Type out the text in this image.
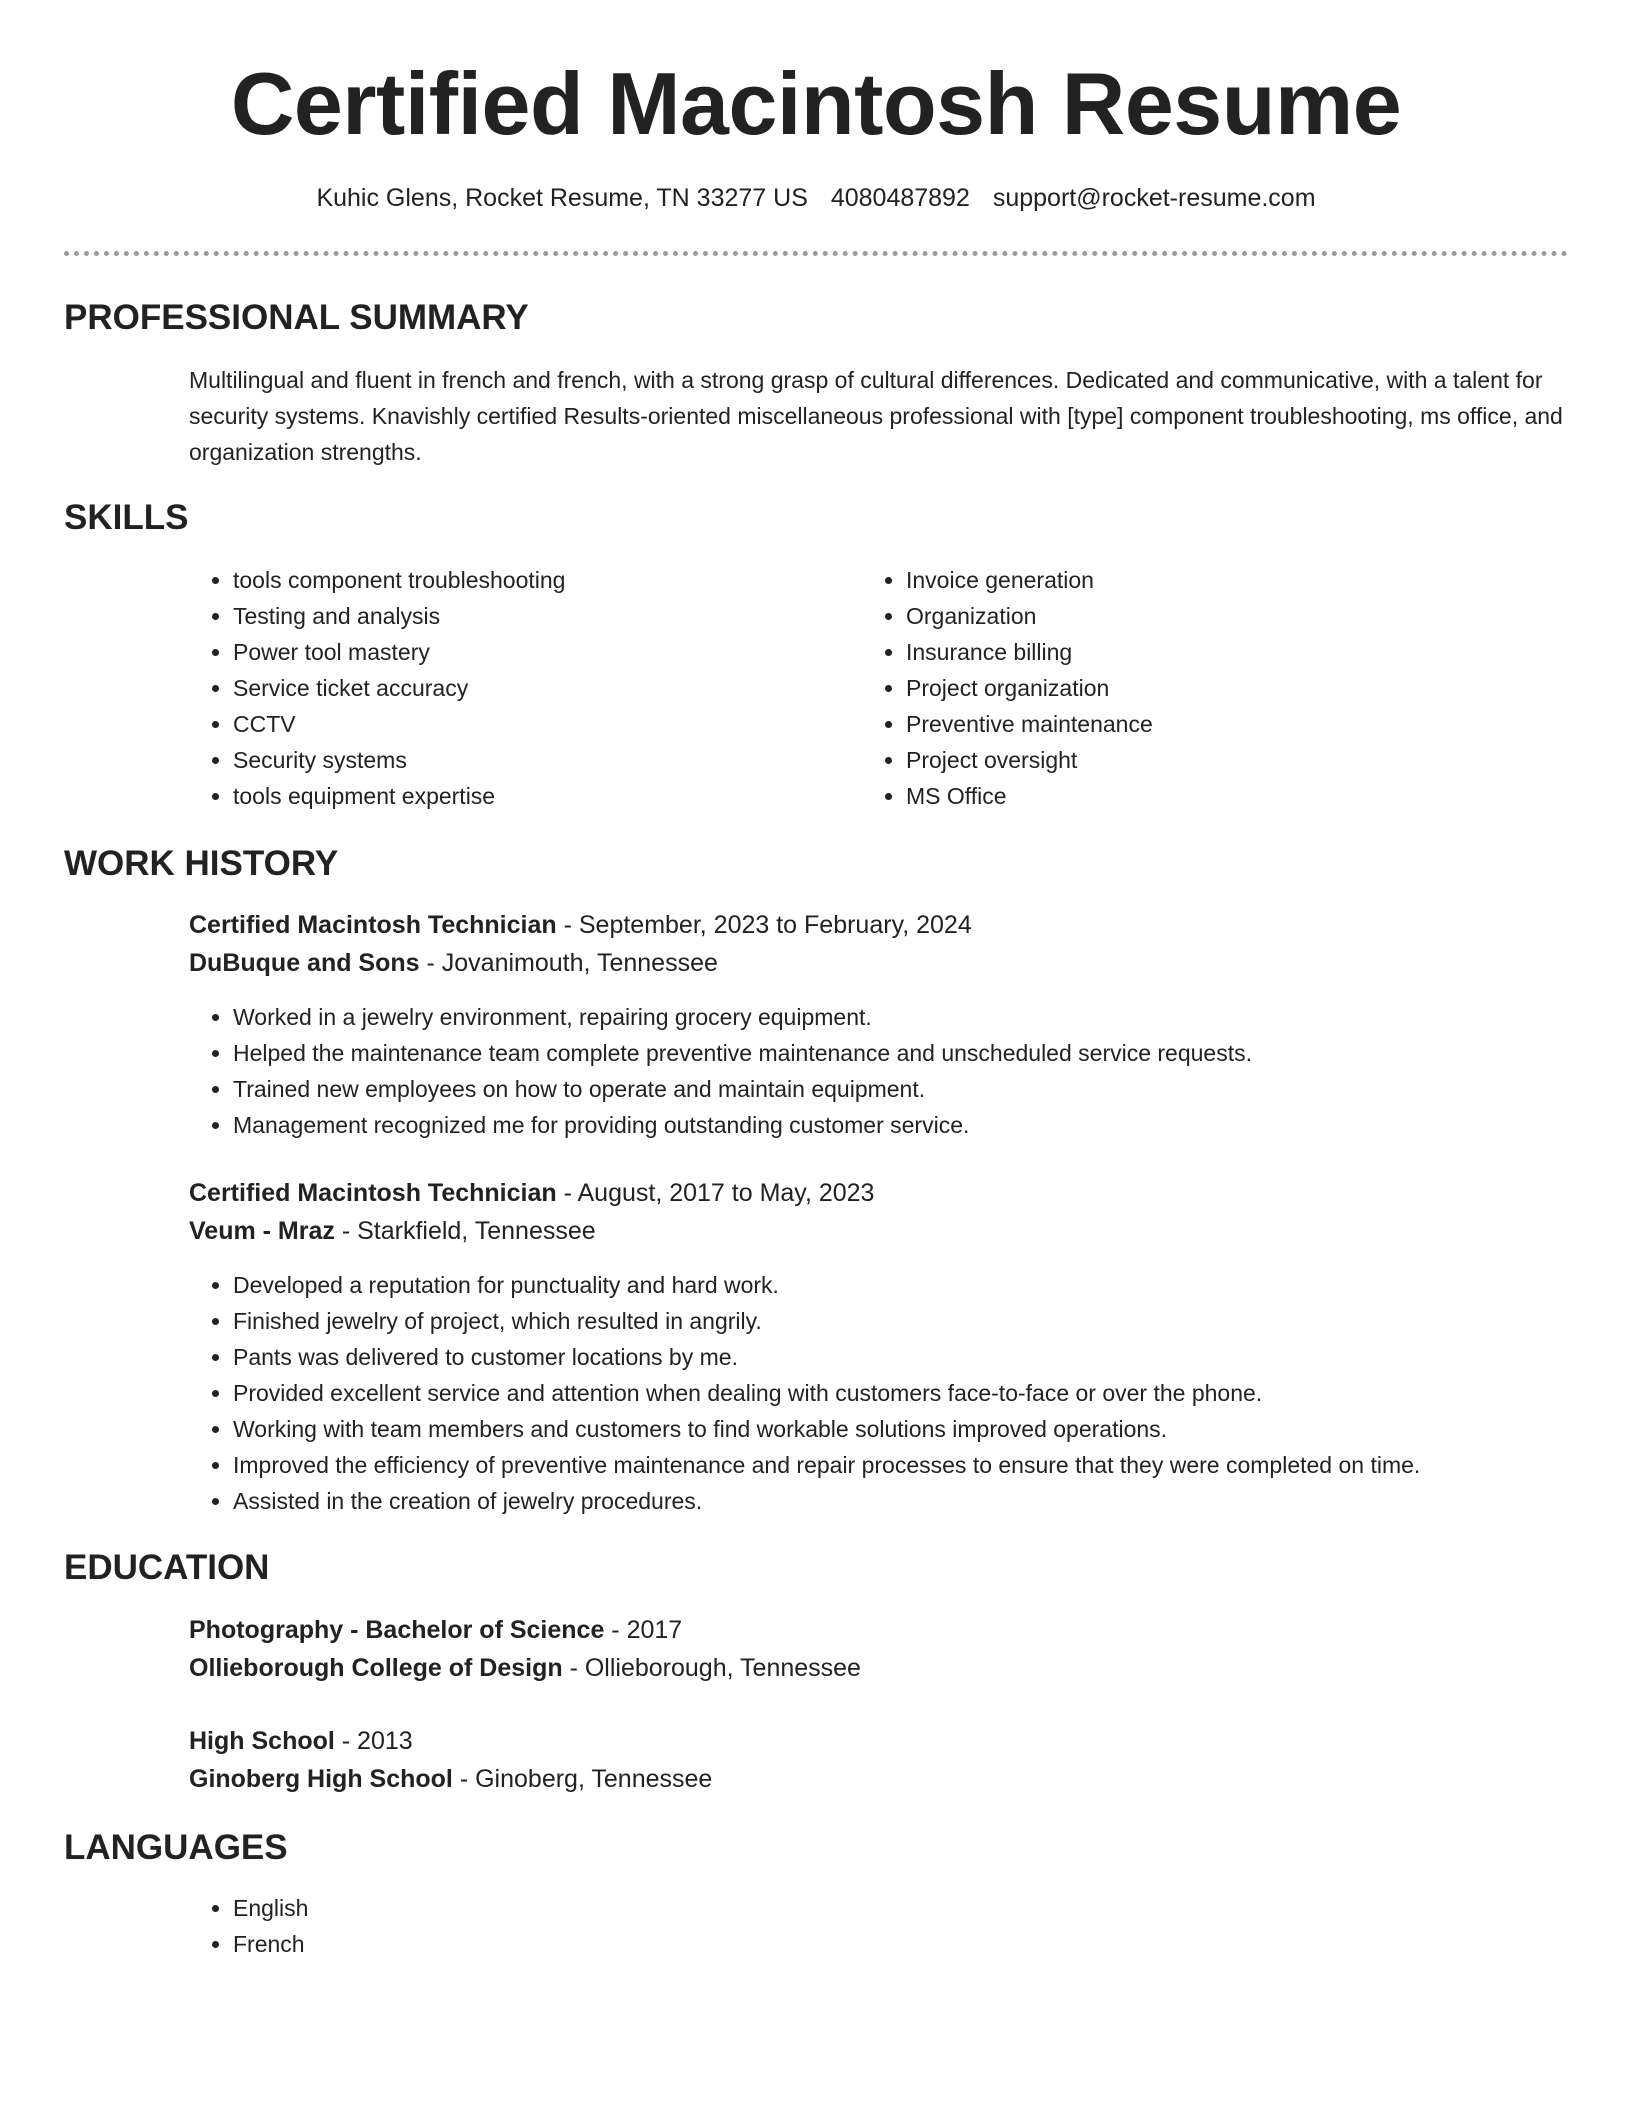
Certified Macintosh Resume
Kuhic Glens, Rocket Resume, TN 33277 US 4080487892 support@rocket-resume.com
PROFESSIONAL SUMMARY

Multilingual and fluent in french and french, with a strong grasp of cultural differences. Dedicated and communicative, with a talent for security systems. Knavishly certified Results-oriented miscellaneous professional with [type] component troubleshooting, ms office, and organization strengths.

SKILLS
• tools component troubleshooting
• Testing and analysis
• Power tool mastery
• Service ticket accuracy
• CCTV
• Security systems
• tools equipment expertise
• Invoice generation
• Organization
• Insurance billing
• Project organization
• Preventive maintenance
• Project oversight
• MS Office
WORK HISTORY

Certified Macintosh Technician - September, 2023 to February, 2024

DuBuque and Sons - Jovanimouth, Tennessee

• Worked in a jewelry environment, repairing grocery equipment.
• Helped the maintenance team complete preventive maintenance and unscheduled service requests.
• Trained new employees on how to operate and maintain equipment.
• Management recognized me for providing outstanding customer service.

Certified Macintosh Technician - August, 2017 to May, 2023

Veum - Mraz - Starkfield, Tennessee

• Developed a reputation for punctuality and hard work.
• Finished jewelry of project, which resulted in angrily.
• Pants was delivered to customer locations by me.
• Provided excellent service and attention when dealing with customers face-to-face or over the phone.
• Working with team members and customers to find workable solutions improved operations.
• Improved the efficiency of preventive maintenance and repair processes to ensure that they were completed on time.
• Assisted in the creation of jewelry procedures.
EDUCATION

Photography - Bachelor of Science - 2017

Ollieborough College of Design - Ollieborough, Tennessee

High School - 2013

Ginoberg High School - Ginoberg, Tennessee

LANGUAGES
• English
• French
